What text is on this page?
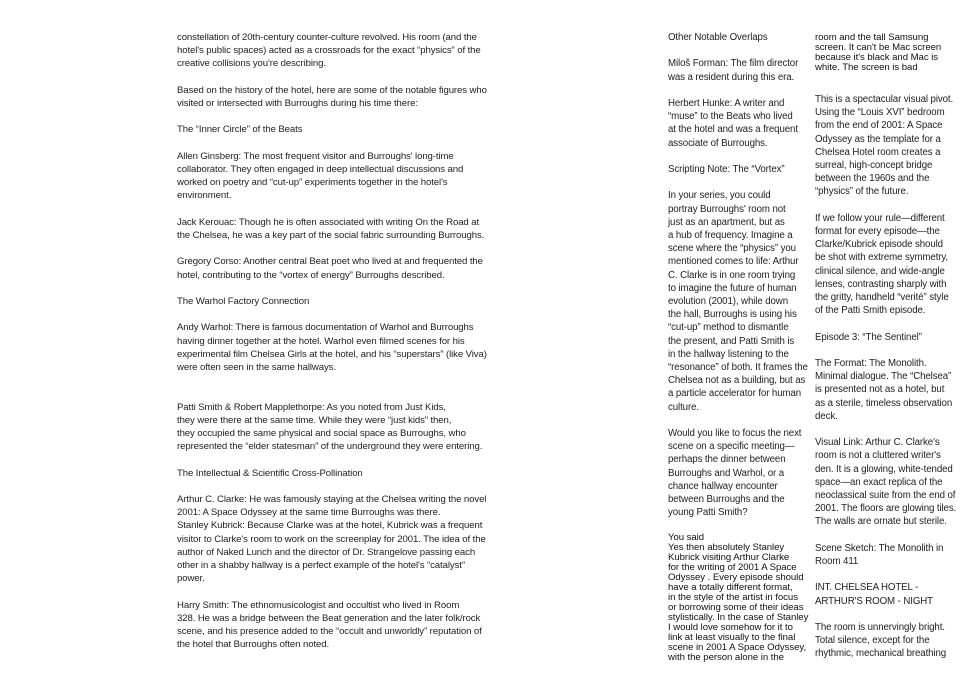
constellation of 20th-century counter-culture revolved. His room (and the
hotel's public spaces) acted as a crossroads for the exact “physics” of the
creative collisions you're describing.
Based on the history of the hotel, here are some of the notable figures who
visited or intersected with Burroughs during his time there:
The “Inner Circle” of the Beats
Allen Ginsberg: The most frequent visitor and Burroughs' long-time
collaborator. They often engaged in deep intellectual discussions and
worked on poetry and “cut-up” experiments together in the hotel's
environment.
Jack Kerouac: Though he is often associated with writing On the Road at
the Chelsea, he was a key part of the social fabric surrounding Burroughs.
Gregory Corso: Another central Beat poet who lived at and frequented the
hotel, contributing to the “vortex of energy” Burroughs described.
The Warhol Factory Connection
Andy Warhol: There is famous documentation of Warhol and Burroughs
having dinner together at the hotel. Warhol even filmed scenes for his
experimental film Chelsea Girls at the hotel, and his “superstars” (like Viva)
were often seen in the same hallways.
Patti Smith & Robert Mapplethorpe: As you noted from Just Kids,
they were there at the same time. While they were “just kids” then,
they occupied the same physical and social space as Burroughs, who
represented the “elder statesman” of the underground they were entering.
The Intellectual & Scientific Cross-Pollination
Arthur C. Clarke: He was famously staying at the Chelsea writing the novel
2001: A Space Odyssey at the same time Burroughs was there.
Stanley Kubrick: Because Clarke was at the hotel, Kubrick was a frequent
visitor to Clarke's room to work on the screenplay for 2001. The idea of the
author of Naked Lunch and the director of Dr. Strangelove passing each
other in a shabby hallway is a perfect example of the hotel's “catalyst”
power.
Harry Smith: The ethnomusicologist and occultist who lived in Room
328. He was a bridge between the Beat generation and the later folk/rock
scene, and his presence added to the “occult and unworldly” reputation of
the hotel that Burroughs often noted.
Other Notable Overlaps
Miloš Forman: The film director
was a resident during this era.
Herbert Hunke: A writer and
“muse” to the Beats who lived
at the hotel and was a frequent
associate of Burroughs.
Scripting Note: The “Vortex”
In your series, you could
portray Burroughs' room not
just as an apartment, but as
a hub of frequency. Imagine a
scene where the “physics” you
mentioned comes to life: Arthur
C. Clarke is in one room trying
to imagine the future of human
evolution (2001), while down
the hall, Burroughs is using his
“cut-up” method to dismantle
the present, and Patti Smith is
in the hallway listening to the
“resonance” of both. It frames the
Chelsea not as a building, but as
a particle accelerator for human
culture.
Would you like to focus the next
scene on a specific meeting—
perhaps the dinner between
Burroughs and Warhol, or a
chance hallway encounter
between Burroughs and the
young Patti Smith?
You said
Yes then absolutely Stanley
Kubrick visiting Arthur Clarke
for the writing of 2001 A Space
Odyssey . Every episode should
have a totally different format,
in the style of the artist in focus
or borrowing some of their ideas
stylistically. In the case of Stanley
I would love somehow for it to
link at least visually to the final
scene in 2001 A Space Odyssey,
with the person alone in the
room and the tall Samsung
screen. It can't be Mac screen
because it's black and Mac is
white. The screen is bad
This is a spectacular visual pivot.
Using the “Louis XVI” bedroom
from the end of 2001: A Space
Odyssey as the template for a
Chelsea Hotel room creates a
surreal, high-concept bridge
between the 1960s and the
“physics” of the future.
If we follow your rule—different
format for every episode—the
Clarke/Kubrick episode should
be shot with extreme symmetry,
clinical silence, and wide-angle
lenses, contrasting sharply with
the gritty, handheld “verité” style
of the Patti Smith episode.
Episode 3: “The Sentinel”
The Format: The Monolith.
Minimal dialogue. The “Chelsea”
is presented not as a hotel, but
as a sterile, timeless observation
deck.
Visual Link: Arthur C. Clarke's
room is not a cluttered writer's
den. It is a glowing, white-tended
space—an exact replica of the
neoclassical suite from the end of
2001. The floors are glowing tiles.
The walls are ornate but sterile.
Scene Sketch: The Monolith in
Room 411
INT. CHELSEA HOTEL -
ARTHUR'S ROOM - NIGHT
The room is unnervingly bright.
Total silence, except for the
rhythmic, mechanical breathing
